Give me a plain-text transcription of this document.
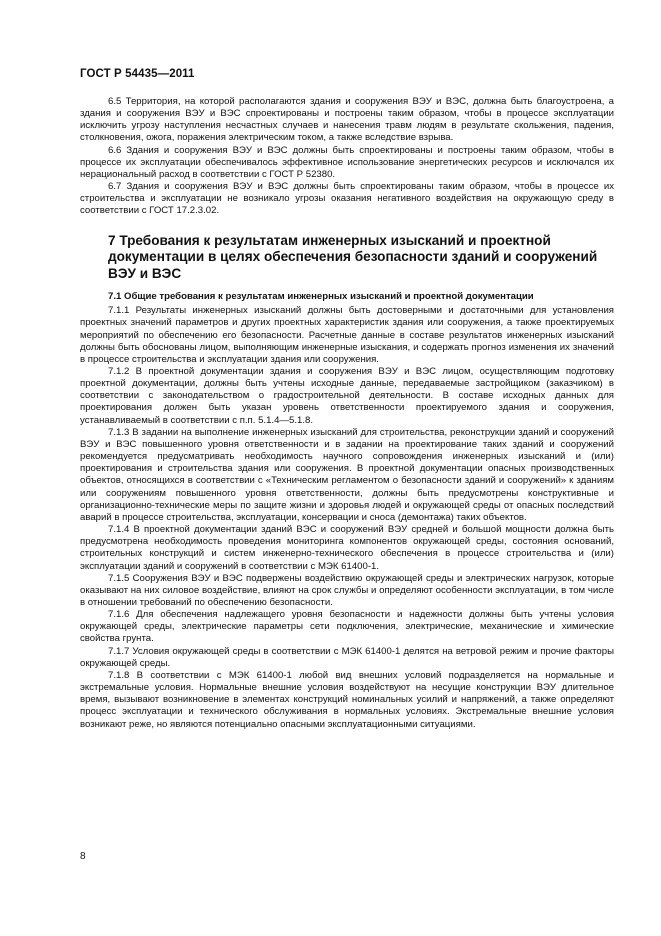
ГОСТ Р 54435—2011

6.5 Территория, на которой располагаются здания и сооружения ВЭУ и ВЭС, должна быть благоустроена, а здания и сооружения ВЭУ и ВЭС спроектированы и построены таким образом, чтобы в процессе эксплуатации исключить угрозу наступления несчастных случаев и нанесения травм людям в результате скольжения, падения, столкновения, ожога, поражения электрическим током, а также вследствие взрыва.

6.6 Здания и сооружения ВЭУ и ВЭС должны быть спроектированы и построены таким образом, чтобы в процессе их эксплуатации обеспечивалось эффективное использование энергетических ресурсов и исключался их нерациональный расход в соответствии с ГОСТ Р 52380.

6.7 Здания и сооружения ВЭУ и ВЭС должны быть спроектированы таким образом, чтобы в процессе их строительства и эксплуатации не возникало угрозы оказания негативного воздействия на окружающую среду в соответствии с ГОСТ 17.2.3.02.

7 Требования к результатам инженерных изысканий и проектной документации в целях обеспечения безопасности зданий и сооружений ВЭУ и ВЭС
7.1 Общие требования к результатам инженерных изысканий и проектной документации

7.1.1 Результаты инженерных изысканий должны быть достоверными и достаточными для установления проектных значений параметров и других проектных характеристик здания или сооружения, а также проектируемых мероприятий по обеспечению его безопасности. Расчетные данные в составе результатов инженерных изысканий должны быть обоснованы лицом, выполняющим инженерные изыскания, и содержать прогноз изменения их значений в процессе строительства и эксплуатации здания или сооружения.

7.1.2 В проектной документации здания и сооружения ВЭУ и ВЭС лицом, осуществляющим подготовку проектной документации, должны быть учтены исходные данные, передаваемые застройщиком (заказчиком) в соответствии с законодательством о градостроительной деятельности. В составе исходных данных для проектирования должен быть указан уровень ответственности проектируемого здания и сооружения, устанавливаемый в соответствии с п.п. 5.1.4—5.1.8.

7.1.3 В задании на выполнение инженерных изысканий для строительства, реконструкции зданий и сооружений ВЭУ и ВЭС повышенного уровня ответственности и в задании на проектирование таких зданий и сооружений рекомендуется предусматривать необходимость научного сопровождения инженерных изысканий и (или) проектирования и строительства здания или сооружения. В проектной документации опасных производственных объектов, относящихся в соответствии с «Техническим регламентом о безопасности зданий и сооружений» к зданиям или сооружениям повышенного уровня ответственности, должны быть предусмотрены конструктивные и организационно-технические меры по защите жизни и здоровья людей и окружающей среды от опасных последствий аварий в процессе строительства, эксплуатации, консервации и сноса (демонтажа) таких объектов.

7.1.4 В проектной документации зданий ВЭС и сооружений ВЭУ средней и большой мощности должна быть предусмотрена необходимость проведения мониторинга компонентов окружающей среды, состояния оснований, строительных конструкций и систем инженерно-технического обеспечения в процессе строительства и (или) эксплуатации зданий и сооружений в соответствии с МЭК 61400-1.

7.1.5 Сооружения ВЭУ и ВЭС подвержены воздействию окружающей среды и электрических нагрузок, которые оказывают на них силовое воздействие, влияют на срок службы и определяют особенности эксплуатации, в том числе в отношении требований по обеспечению безопасности.

7.1.6 Для обеспечения надлежащего уровня безопасности и надежности должны быть учтены условия окружающей среды, электрические параметры сети подключения, электрические, механические и химические свойства грунта.

7.1.7 Условия окружающей среды в соответствии с МЭК 61400-1 делятся на ветровой режим и прочие факторы окружающей среды.

7.1.8 В соответствии с МЭК 61400-1 любой вид внешних условий подразделяется на нормальные и экстремальные условия. Нормальные внешние условия воздействуют на несущие конструкции ВЭУ длительное время, вызывают возникновение в элементах конструкций номинальных усилий и напряжений, а также определяют процесс эксплуатации и технического обслуживания в нормальных условиях. Экстремальные внешние условия возникают реже, но являются потенциально опасными эксплуатационными ситуациями.

8
